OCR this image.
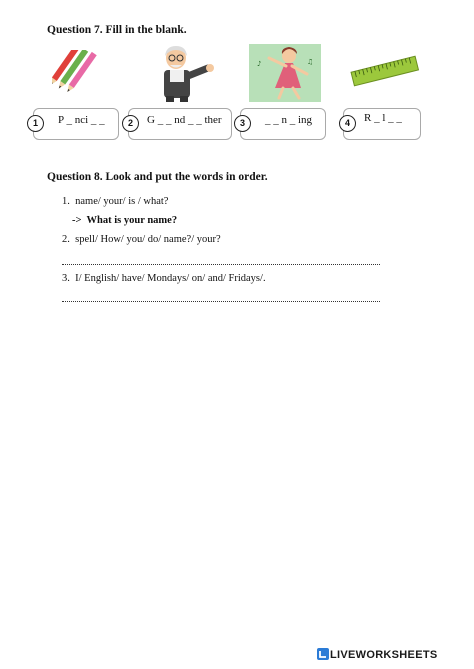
Question 7. Fill in the blank.
♪	♫
P _ nci _ _
1	G _ _ nd _ _ ther
2	_ _ n _ ing
3	R _ l _ _
4
Question 8. Look and put the words in order.
1. name/ your/ is / what?
-> What is your name?
2. spell/ How/ you/ do/ name?/ your?
3. I/ English/ have/ Mondays/ on/ and/ Fridays/.
LIVEWORKSHEETS
